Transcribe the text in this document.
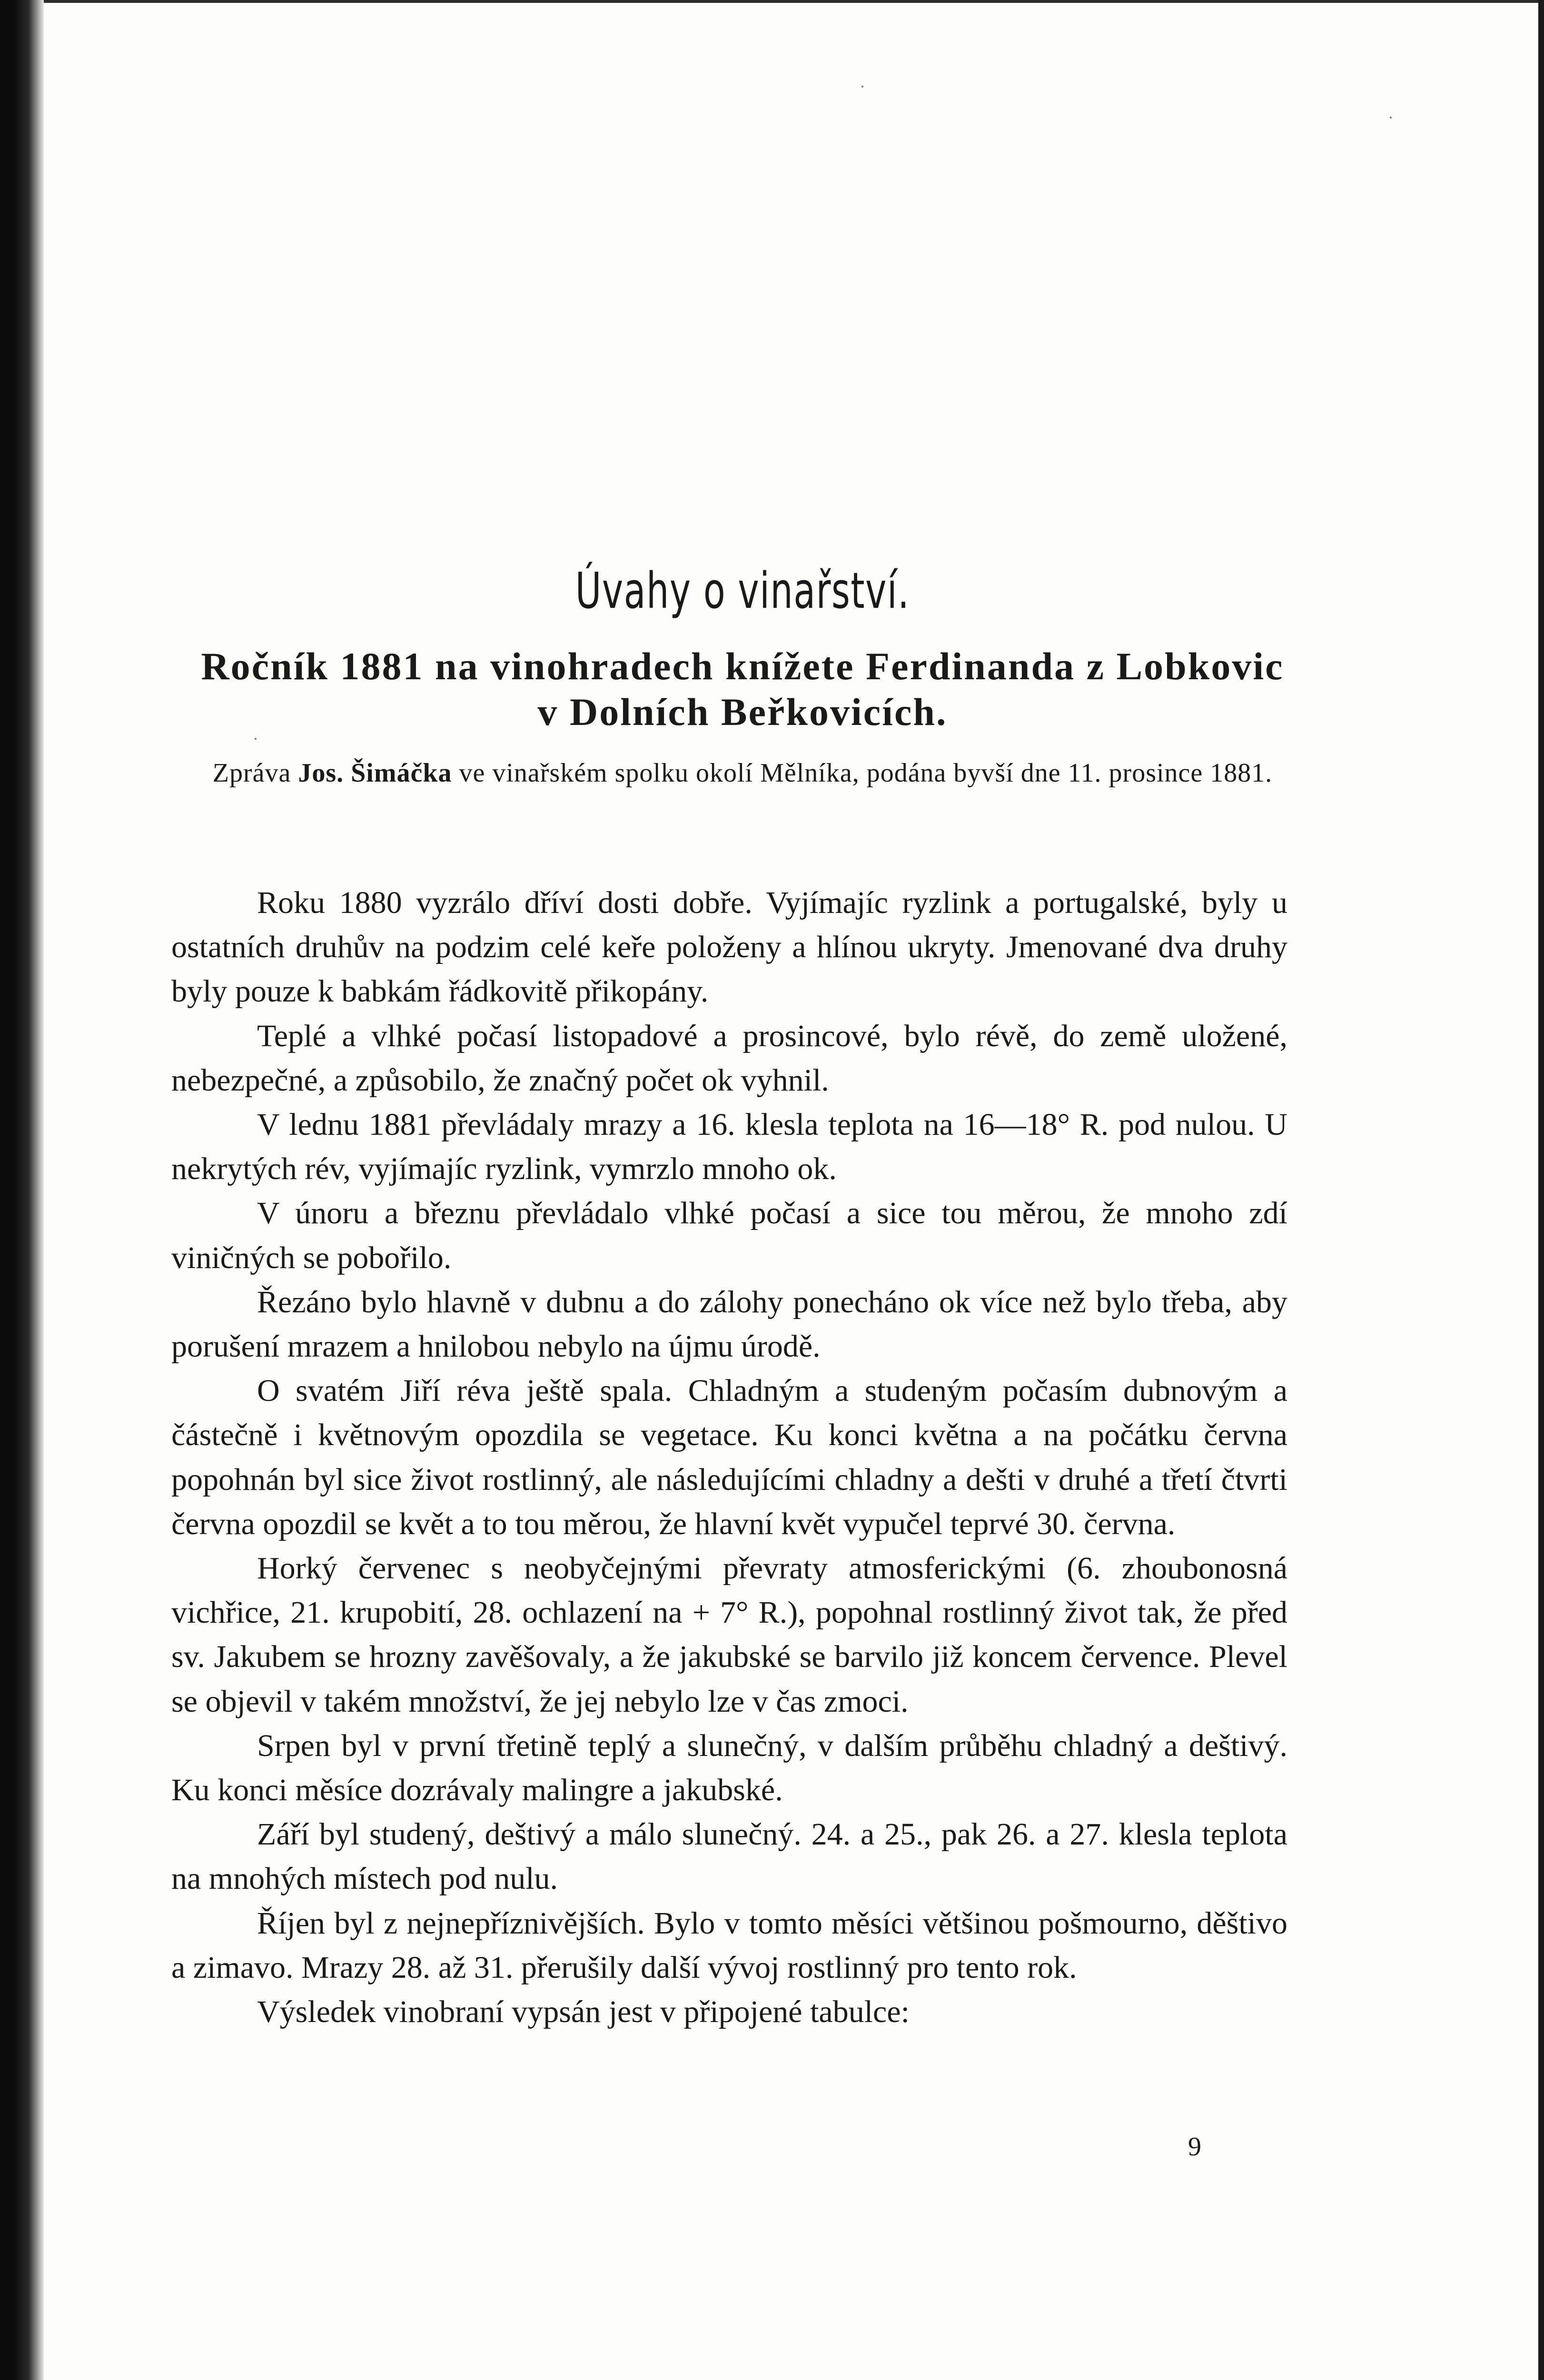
Úvahy o vinařství.
Ročník 1881 na vinohradech knížete Ferdinanda z Lobkovic
v Dolních Beřkovicích.
Zpráva Jos. Šimáčka ve vinařském spolku okolí Mělníka, podána byvší dne 11. prosince 1881.

Roku 1880 vyzrálo dříví dosti dobře. Vyjímajíc ryzlink a portugalské, byly u ostatních druhův na podzim celé keře položeny a hlínou ukryty. Jmenované dva druhy byly pouze k babkám řádkovitě přikopány.

Teplé a vlhké počasí listopadové a prosincové, bylo révě, do země uložené, nebezpečné, a způsobilo, že značný počet ok vyhnil.

V lednu 1881 převládaly mrazy a 16. klesla teplota na 16—18° R. pod nulou. U nekrytých rév, vyjímajíc ryzlink, vymrzlo mnoho ok.

V únoru a březnu převládalo vlhké počasí a sice tou měrou, že mnoho zdí viničných se pobořilo.

Řezáno bylo hlavně v dubnu a do zálohy ponecháno ok více než bylo třeba, aby porušení mrazem a hnilobou nebylo na újmu úrodě.

O svatém Jiří réva ještě spala. Chladným a studeným počasím dubnovým a částečně i květnovým opozdila se vegetace. Ku konci května a na počátku června popohnán byl sice život rostlinný, ale následujícími chladny a dešti v druhé a třetí čtvrti června opozdil se květ a to tou měrou, že hlavní květ vypučel teprvé 30. června.

Horký červenec s neobyčejnými převraty atmosferickými (6. zhoubonosná vichřice, 21. krupobití, 28. ochlazení na + 7° R.), popohnal rostlinný život tak, že před sv. Jakubem se hrozny zavěšovaly, a že jakubské se barvilo již koncem července. Plevel se objevil v takém množství, že jej nebylo lze v čas zmoci.

Srpen byl v první třetině teplý a slunečný, v dalším průběhu chladný a deštivý. Ku konci měsíce dozrávaly malingre a jakubské.

Září byl studený, deštivý a málo slunečný. 24. a 25., pak 26. a 27. klesla teplota na mnohých místech pod nulu.

Říjen byl z nejnepříznivějších. Bylo v tomto měsíci většinou pošmourno, děštivo a zimavo. Mrazy 28. až 31. přerušily další vývoj rostlinný pro tento rok.

Výsledek vinobraní vypsán jest v připojené tabulce:

9
